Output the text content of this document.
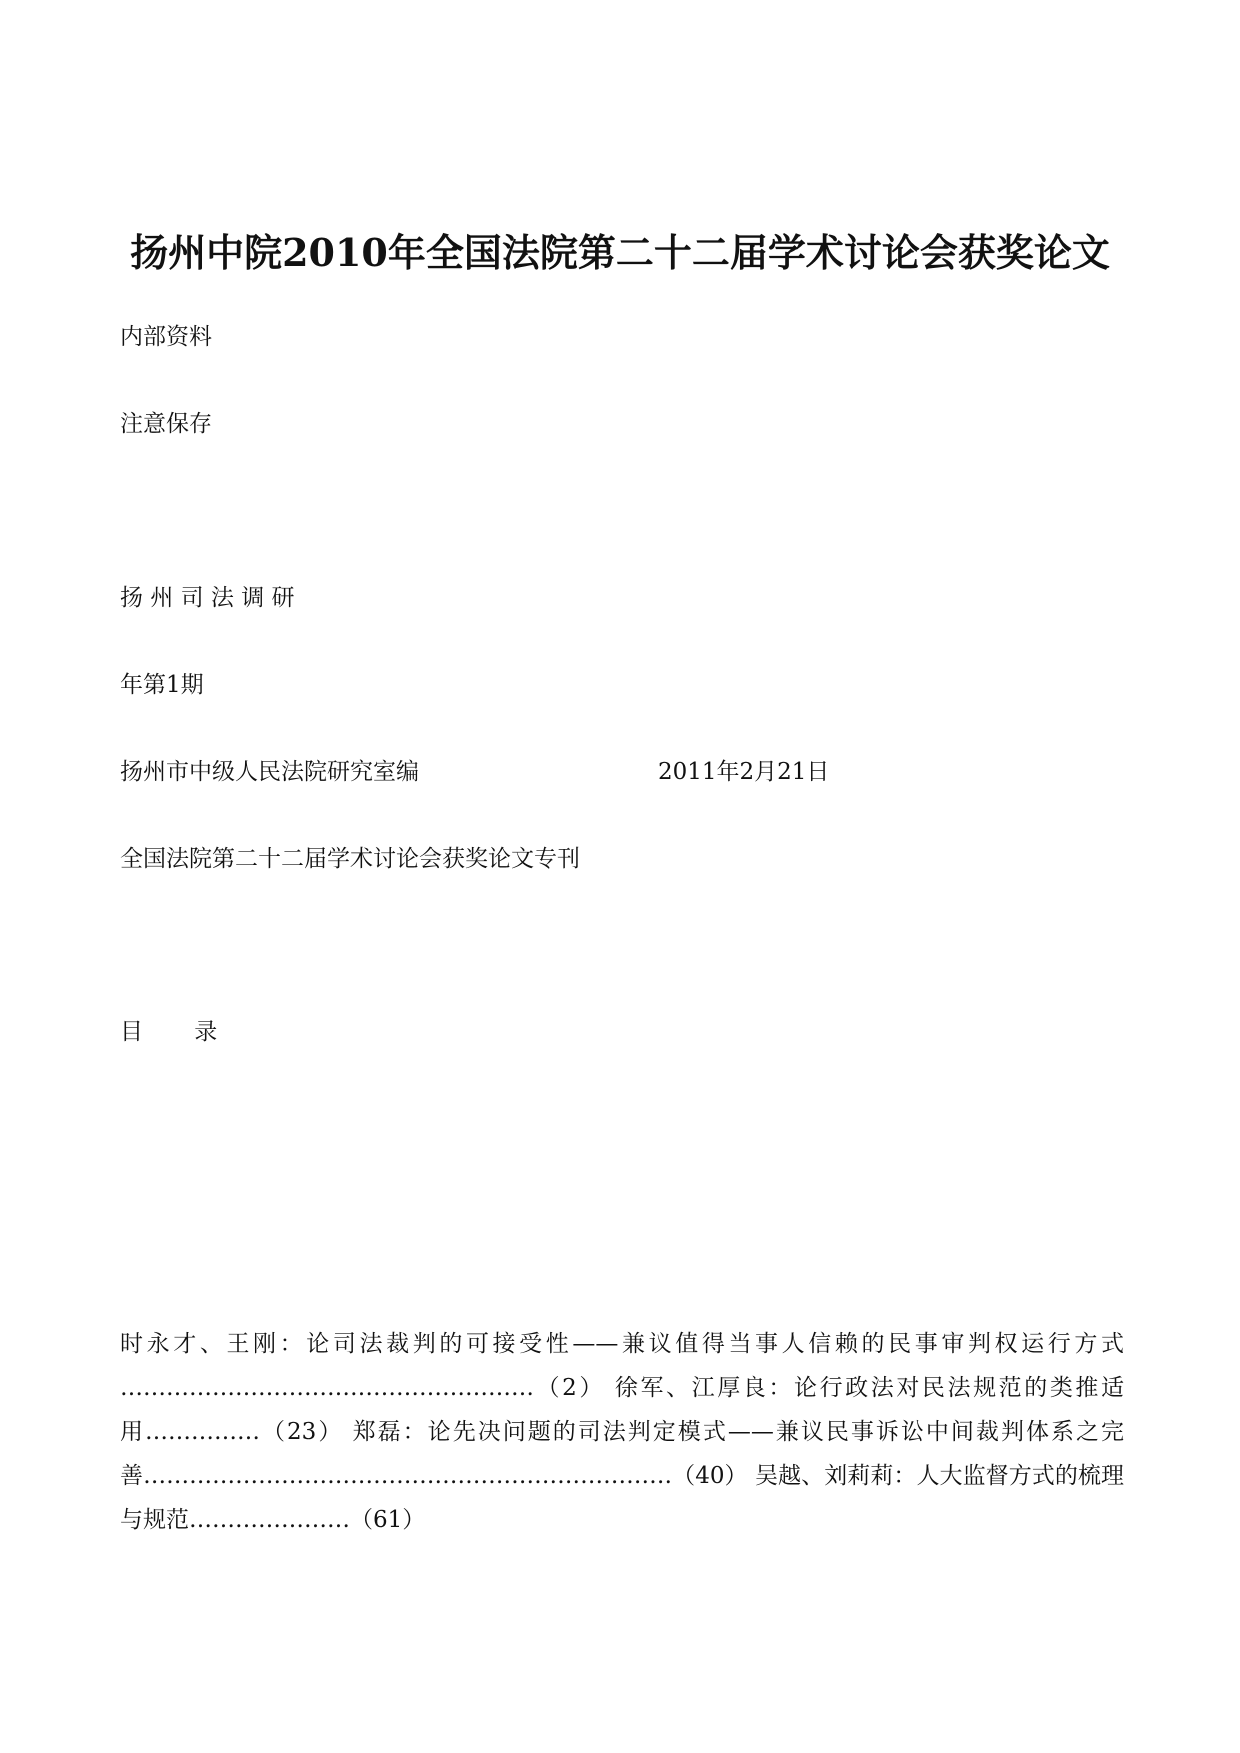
扬州中院2010年全国法院第二十二届学术讨论会获奖论文
内部资料
注意保存
扬 州 司 法 调 研
年第1期
扬州市中级人民法院研究室编	2011年2月21日
全国法院第二十二届学术讨论会获奖论文专刊
目 录
时永才、王刚：论司法裁判的可接受性——兼议值得当事人信赖的民事审判权运行方式 ………………………………………………（2） 徐军、江厚良：论行政法对民法规范的类推适用……………（23） 郑磊：论先决问题的司法判定模式——兼议民事诉讼中间裁判体系之完善……………………………………………………………（40） 吴越、刘莉莉：人大监督方式的梳理与规范…………………（61）
